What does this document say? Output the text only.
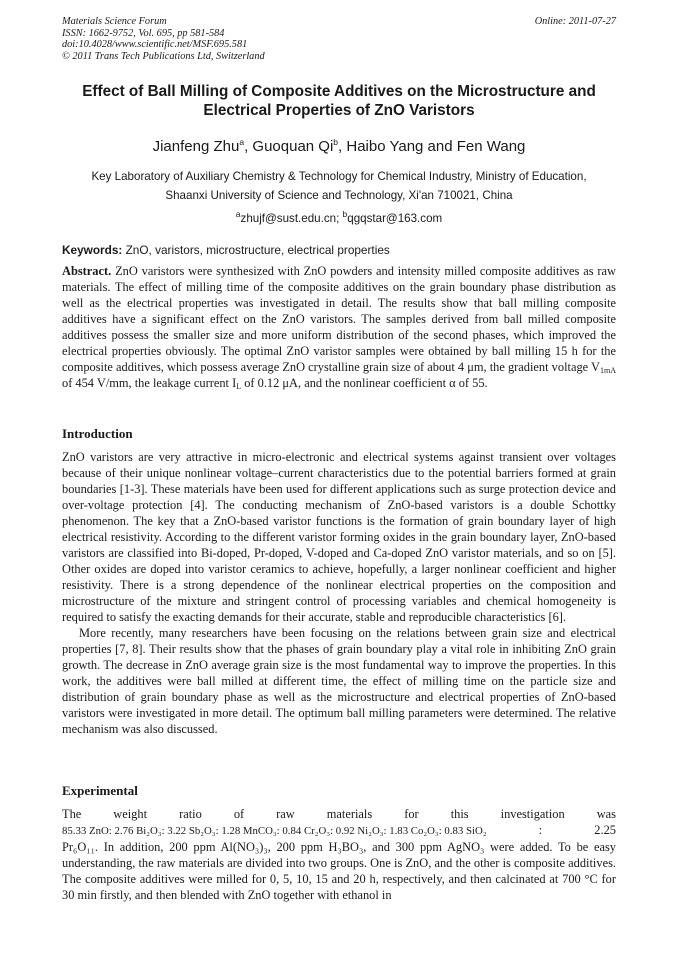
Materials Science Forum
ISSN: 1662-9752, Vol. 695, pp 581-584
doi:10.4028/www.scientific.net/MSF.695.581
© 2011 Trans Tech Publications Ltd, Switzerland
Online: 2011-07-27
Effect of Ball Milling of Composite Additives on the Microstructure and
Electrical Properties of ZnO Varistors
Jianfeng Zhu$^a$, Guoquan Qi$^b$, Haibo Yang and Fen Wang
Key Laboratory of Auxiliary Chemistry & Technology for Chemical Industry, Ministry of Education,
Shaanxi University of Science and Technology, Xi'an 710021, China
$^a$zhujf@sust.edu.cn; $^b$qgqstar@163.com
Keywords: ZnO, varistors, microstructure, electrical properties
Abstract. ZnO varistors were synthesized with ZnO powders and intensity milled composite additives as raw materials. The effect of milling time of the composite additives on the grain boundary phase distribution as well as the electrical properties was investigated in detail. The results show that ball milling composite additives have a significant effect on the ZnO varistors. The samples derived from ball milled composite additives possess the smaller size and more uniform distribution of the second phases, which improved the electrical properties obviously. The optimal ZnO varistor samples were obtained by ball milling 15 h for the composite additives, which possess average ZnO crystalline grain size of about 4 μm, the gradient voltage $V_{1mA}$ of 454 V/mm, the leakage current $I_L$ of 0.12 μA, and the nonlinear coefficient α of 55.
Introduction

ZnO varistors are very attractive in micro-electronic and electrical systems against transient over voltages because of their unique nonlinear voltage–current characteristics due to the potential barriers formed at grain boundaries [1-3]. These materials have been used for different applications such as surge protection device and over-voltage protection [4]. The conducting mechanism of ZnO-based varistors is a double Schottky phenomenon. The key that a ZnO-based varistor functions is the formation of grain boundary layer of high electrical resistivity. According to the different varistor forming oxides in the grain boundary layer, ZnO-based varistors are classified into Bi-doped, Pr-doped, V-doped and Ca-doped ZnO varistor materials, and so on [5]. Other oxides are doped into varistor ceramics to achieve, hopefully, a larger nonlinear coefficient and higher resistivity. There is a strong dependence of the nonlinear electrical properties on the composition and microstructure of the mixture and stringent control of processing variables and chemical homogeneity is required to satisfy the exacting demands for their accurate, stable and reproducible characteristics [6].

More recently, many researchers have been focusing on the relations between grain size and electrical properties [7, 8]. Their results show that the phases of grain boundary play a vital role in inhibiting ZnO grain growth. The decrease in ZnO average grain size is the most fundamental way to improve the properties. In this work, the additives were ball milled at different time, the effect of milling time on the particle size and distribution of grain boundary phase as well as the microstructure and electrical properties of ZnO-based varistors were investigated in more detail. The optimum ball milling parameters were determined. The relative mechanism was also discussed.

Experimental
The	weight	ratio	of	raw	materials	for	this	investigation	was
85.33 ZnO: 2.76 Bi₂O₃: 3.22 Sb₂O₃: 1.28 MnCO₃: 0.84 Cr₂O₃: 0.92 Ni₂O₃: 1.83 Co₂O₃: 0.83 SiO₂	:	2.25
Pr₆O₁₁. In addition, 200 ppm Al(NO₃)₃, 200 ppm H₃BO₃, and 300 ppm AgNO₃ were added. To be easy understanding, the raw materials are divided into two groups. One is ZnO, and the other is composite additives. The composite additives were milled for 0, 5, 10, 15 and 20 h, respectively, and then calcinated at 700 °C for 30 min firstly, and then blended with ZnO together with ethanol in
